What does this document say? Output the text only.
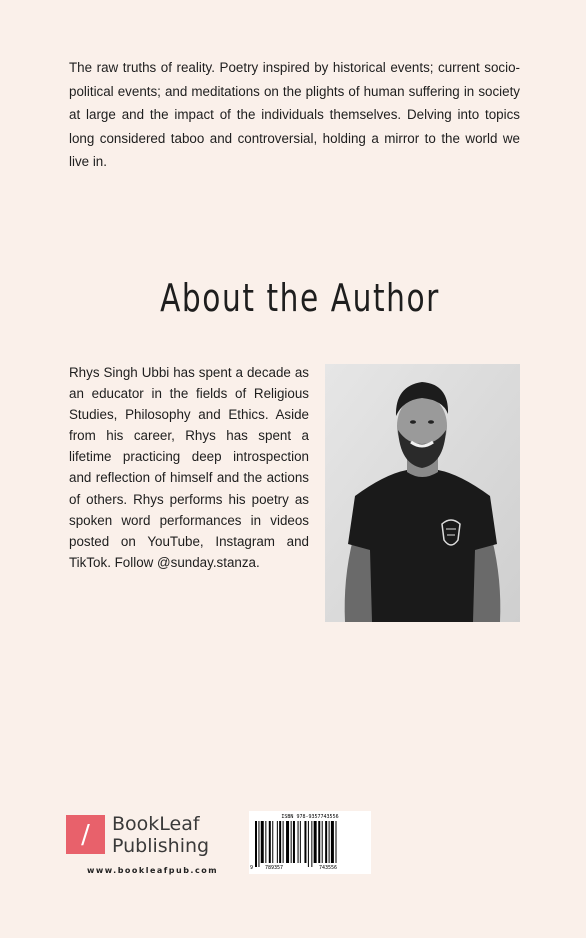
The raw truths of reality. Poetry inspired by historical events; current socio-political events; and meditations on the plights of human suffering in society at large and the impact of the individuals themselves. Delving into topics long considered taboo and controversial, holding a mirror to the world we live in.

About the Author

Rhys Singh Ubbi has spent a decade as an educator in the fields of Religious Studies, Philosophy and Ethics. Aside from his career, Rhys has spent a lifetime practicing deep introspection and reflection of himself and the actions of others. Rhys performs his poetry as spoken word performances in videos posted on YouTube, Instagram and TikTok. Follow @sunday.stanza.

/	BookLeaf
Publishing
www.bookleafpub.com
ISBN 978-9357743556
9 789357	743556
